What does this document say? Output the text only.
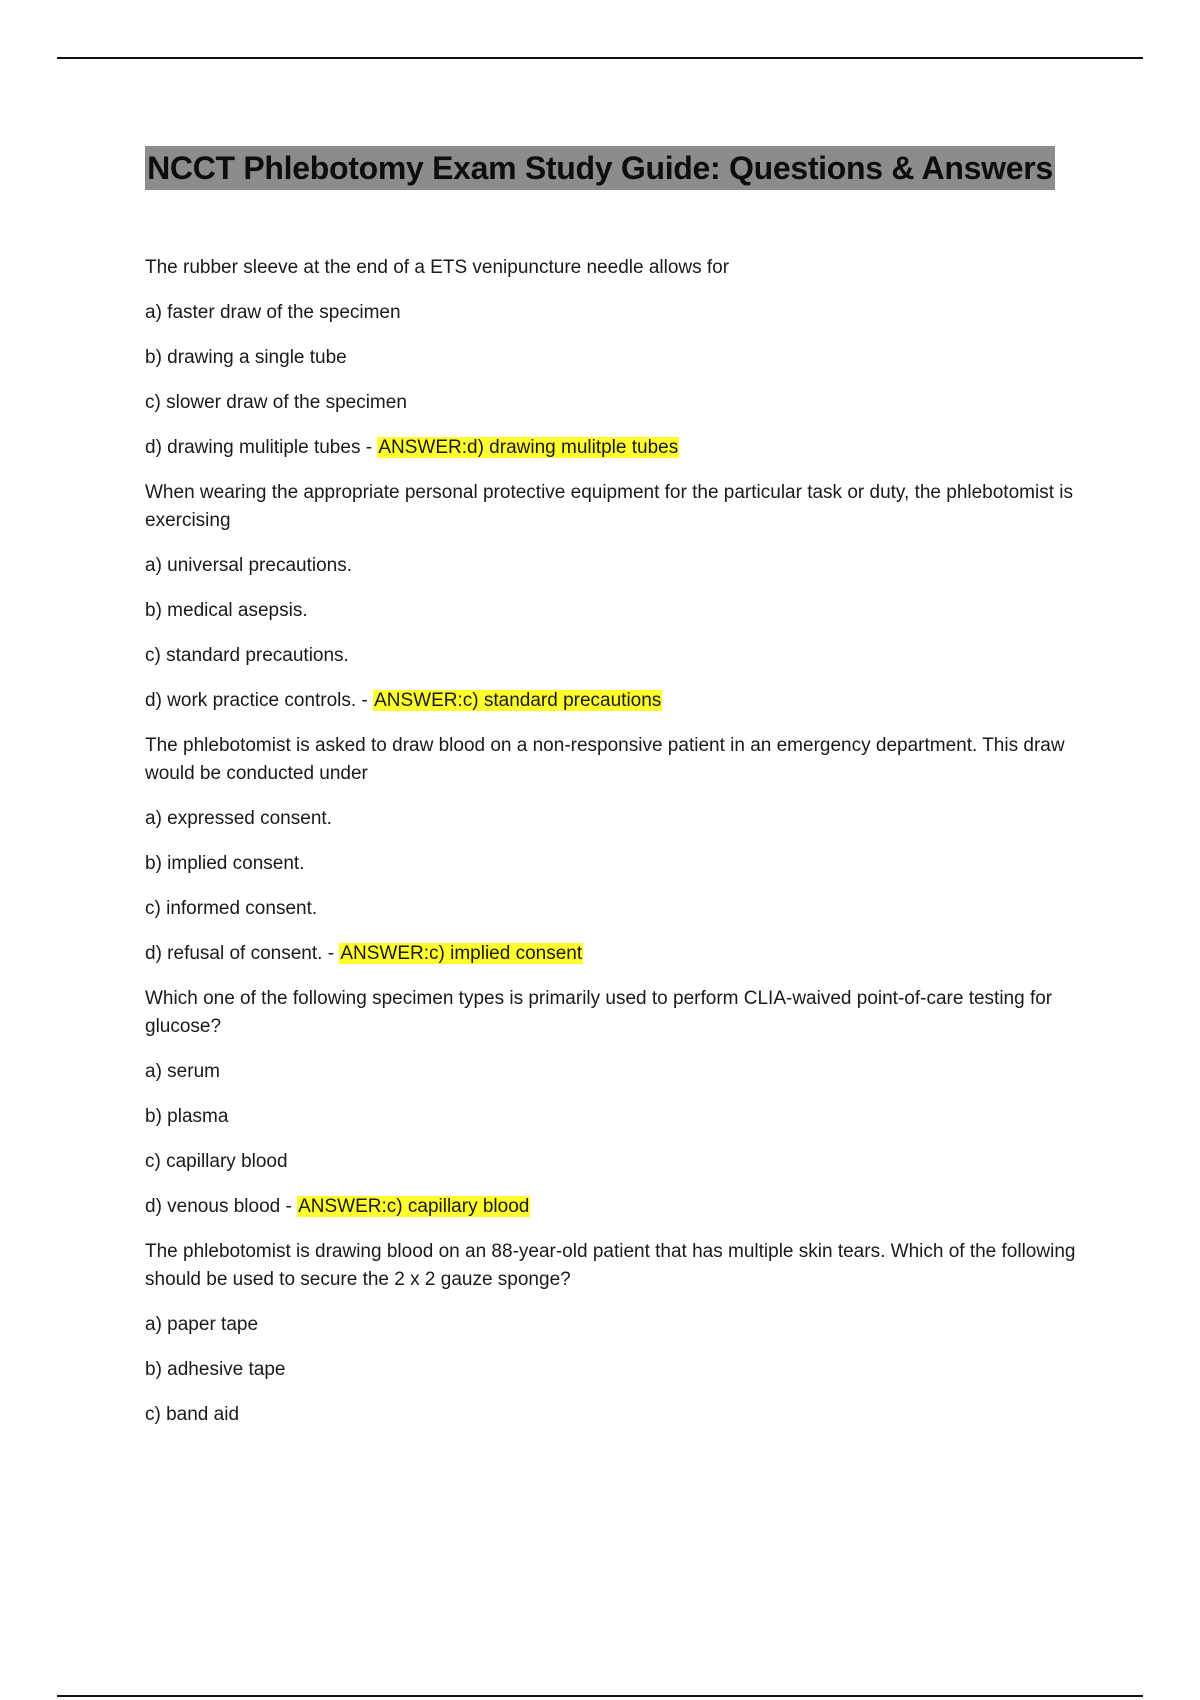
NCCT Phlebotomy Exam Study Guide: Questions & Answers

The rubber sleeve at the end of a ETS venipuncture needle allows for

a) faster draw of the specimen

b) drawing a single tube

c) slower draw of the specimen

d) drawing mulitiple tubes - ANSWER:d) drawing mulitple tubes

When wearing the appropriate personal protective equipment for the particular task or duty, the phlebotomist is exercising

a) universal precautions.

b) medical asepsis.

c) standard precautions.

d) work practice controls. - ANSWER:c) standard precautions

The phlebotomist is asked to draw blood on a non-responsive patient in an emergency department. This draw would be conducted under

a) expressed consent.

b) implied consent.

c) informed consent.

d) refusal of consent. - ANSWER:c) implied consent

Which one of the following specimen types is primarily used to perform CLIA-waived point-of-care testing for glucose?

a) serum

b) plasma

c) capillary blood

d) venous blood - ANSWER:c) capillary blood

The phlebotomist is drawing blood on an 88-year-old patient that has multiple skin tears. Which of the following should be used to secure the 2 x 2 gauze sponge?

a) paper tape

b) adhesive tape

c) band aid
